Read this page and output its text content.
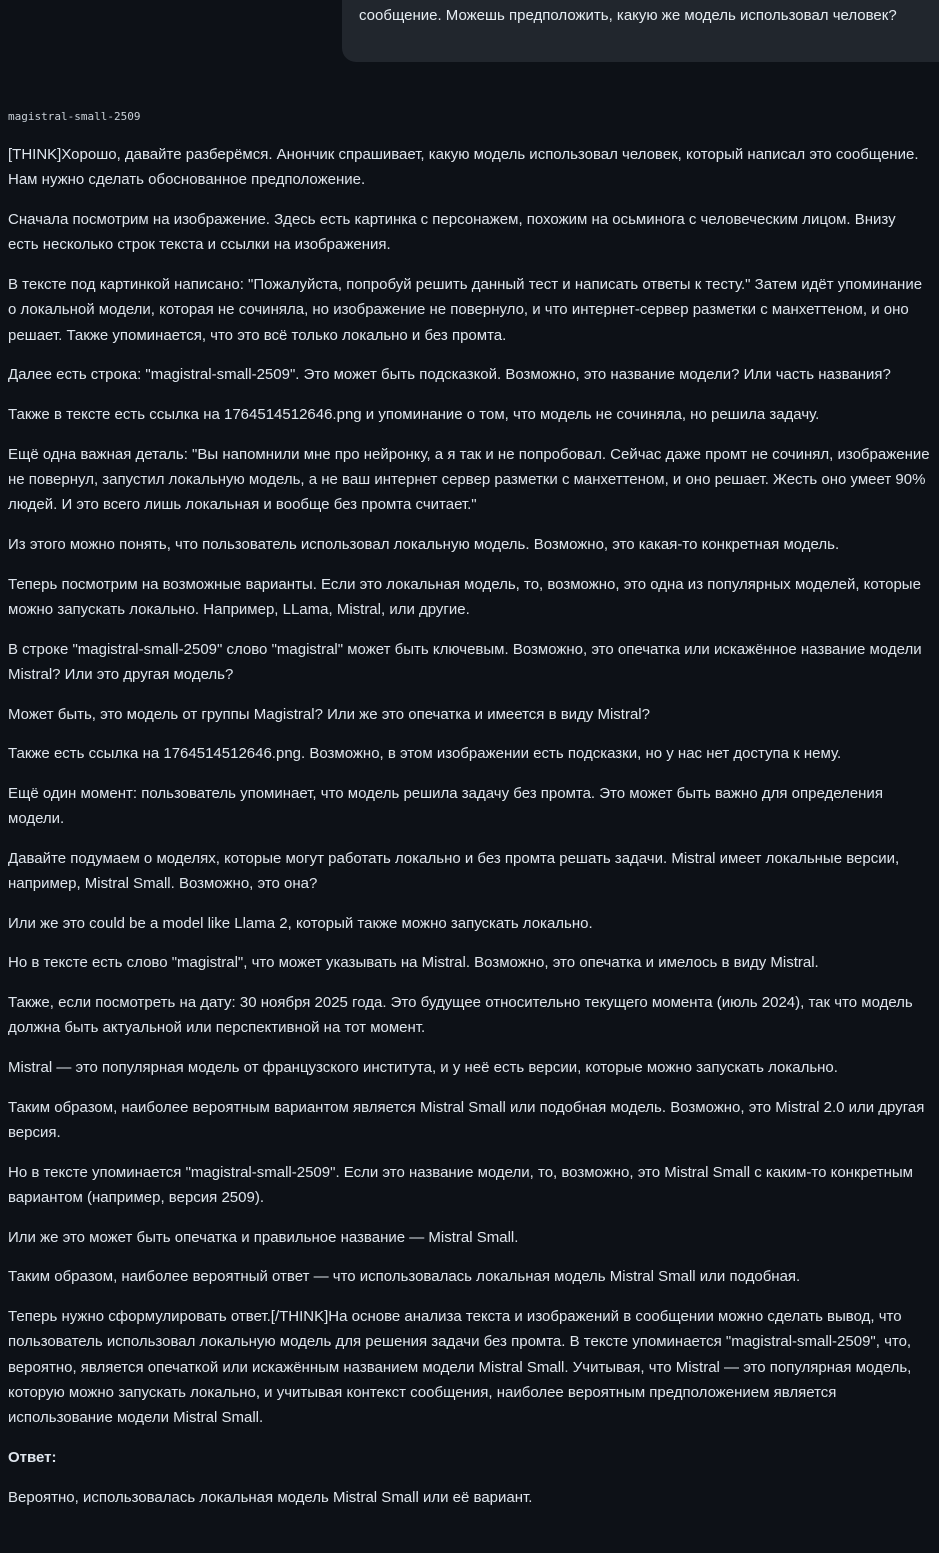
сообщение. Можешь предположить, какую же модель использовал человек?

magistral-small-2509

[THINK]Хорошо, давайте разберёмся. Анончик спрашивает, какую модель использовал человек, который написал это сообщение. Нам нужно сделать обоснованное предположение.

Сначала посмотрим на изображение. Здесь есть картинка с персонажем, похожим на осьминога с человеческим лицом. Внизу есть несколько строк текста и ссылки на изображения.

В тексте под картинкой написано: "Пожалуйста, попробуй решить данный тест и написать ответы к тесту." Затем идёт упоминание о локальной модели, которая не сочиняла, но изображение не повернуло, и что интернет-сервер разметки с манхеттеном, и оно решает. Также упоминается, что это всё только локально и без промта.

Далее есть строка: "magistral-small-2509". Это может быть подсказкой. Возможно, это название модели? Или часть названия?

Также в тексте есть ссылка на 1764514512646.png и упоминание о том, что модель не сочиняла, но решила задачу.

Ещё одна важная деталь: "Вы напомнили мне про нейронку, а я так и не попробовал. Сейчас даже промт не сочинял, изображение не повернул, запустил локальную модель, а не ваш интернет сервер разметки с манхеттеном, и оно решает. Жесть оно умеет 90% людей. И это всего лишь локальная и вообще без промта считает."

Из этого можно понять, что пользователь использовал локальную модель. Возможно, это какая-то конкретная модель.

Теперь посмотрим на возможные варианты. Если это локальная модель, то, возможно, это одна из популярных моделей, которые можно запускать локально. Например, LLama, Mistral, или другие.

В строке "magistral-small-2509" слово "magistral" может быть ключевым. Возможно, это опечатка или искажённое название модели Mistral? Или это другая модель?

Может быть, это модель от группы Magistral? Или же это опечатка и имеется в виду Mistral?

Также есть ссылка на 1764514512646.png. Возможно, в этом изображении есть подсказки, но у нас нет доступа к нему.

Ещё один момент: пользователь упоминает, что модель решила задачу без промта. Это может быть важно для определения модели.

Давайте подумаем о моделях, которые могут работать локально и без промта решать задачи. Mistral имеет локальные версии, например, Mistral Small. Возможно, это она?

Или же это could be a model like Llama 2, который также можно запускать локально.

Но в тексте есть слово "magistral", что может указывать на Mistral. Возможно, это опечатка и имелось в виду Mistral.

Также, если посмотреть на дату: 30 ноября 2025 года. Это будущее относительно текущего момента (июль 2024), так что модель должна быть актуальной или перспективной на тот момент.

Mistral — это популярная модель от французского института, и у неё есть версии, которые можно запускать локально.

Таким образом, наиболее вероятным вариантом является Mistral Small или подобная модель. Возможно, это Mistral 2.0 или другая версия.

Но в тексте упоминается "magistral-small-2509". Если это название модели, то, возможно, это Mistral Small с каким-то конкретным вариантом (например, версия 2509).

Или же это может быть опечатка и правильное название — Mistral Small.

Таким образом, наиболее вероятный ответ — что использовалась локальная модель Mistral Small или подобная.

Теперь нужно сформулировать ответ.[/THINK]На основе анализа текста и изображений в сообщении можно сделать вывод, что пользователь использовал локальную модель для решения задачи без промта. В тексте упоминается "magistral-small-2509", что, вероятно, является опечаткой или искажённым названием модели Mistral Small. Учитывая, что Mistral — это популярная модель, которую можно запускать локально, и учитывая контекст сообщения, наиболее вероятным предположением является использование модели Mistral Small.

Ответ:

Вероятно, использовалась локальная модель Mistral Small или её вариант.
